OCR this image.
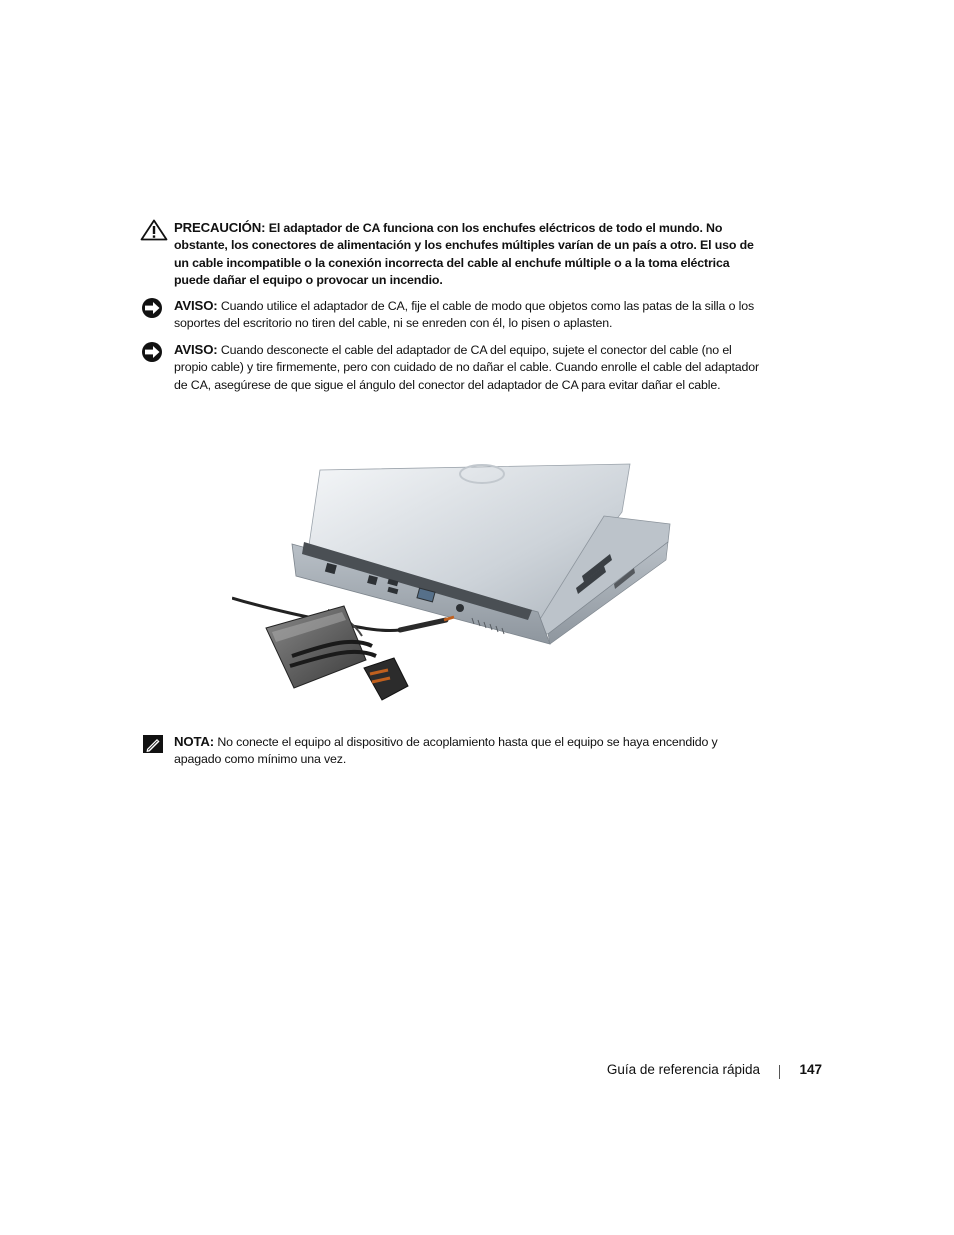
PRECAUCIÓN: El adaptador de CA funciona con los enchufes eléctricos de todo el mundo. No obstante, los conectores de alimentación y los enchufes múltiples varían de un país a otro. El uso de un cable incompatible o la conexión incorrecta del cable al enchufe múltiple o a la toma eléctrica puede dañar el equipo o provocar un incendio.
AVISO: Cuando utilice el adaptador de CA, fije el cable de modo que objetos como las patas de la silla o los soportes del escritorio no tiren del cable, ni se enreden con él, lo pisen o aplasten.
AVISO: Cuando desconecte el cable del adaptador de CA del equipo, sujete el conector del cable (no el propio cable) y tire firmemente, pero con cuidado de no dañar el cable. Cuando enrolle el cable del adaptador de CA, asegúrese de que sigue el ángulo del conector del adaptador de CA para evitar dañar el cable.
NOTA: No conecte el equipo al dispositivo de acoplamiento hasta que el equipo se haya encendido y apagado como mínimo una vez.
Guía de referencia rápida	147
